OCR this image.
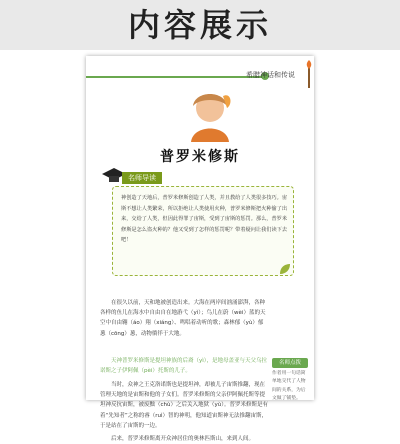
内容展示
希腊神话和传说
普罗米修斯
名师导读
神创造了天地后，普罗米修斯创造了人类，并且教给了人类很多技巧。宙斯不想让人类繁荣，所以拒绝让人类使用火种，普罗米修斯把火种偷了出来，交给了人类，但因此得罪了宙斯，受到了宙斯的惩罚。那么，普罗米修斯是怎么盗火种的？他又受到了怎样的惩罚呢？带着疑问让我们读下去吧！
在很久以前，天和地被创造出来。大海在两岸间汹涌澎湃，各种各样的鱼儿在海水中自由自在地游弋（yì）；鸟儿在蔚（wèi）蓝的天空中自由翱（áo）翔（xiáng）、鸣唱着动听的歌；森林郁（yù）郁葱（cōng）葱，动物徜徉于大地。
天神普罗米修斯是提坦神族的后裔（yì），是地母盖亚与天父乌拉诺斯之子伊阿佩（pèi）托斯的儿子。
当时，众神之王克洛诺斯也是提坦神，却被儿子宙斯推翻，现在管理天地的是宙斯和他的子女们。普罗米修斯的父亲伊阿佩托斯等提坦神反抗宙斯，被废黜（chù）之后关入地狱（yù）。普罗米修斯是有着“先知者”之称的睿（ruì）智的神明，他知道宙斯神无法推翻宙斯，于是站在了宙斯的一边。
后来，普罗米修斯离开众神居住的奥林匹斯山，来到人间。
名师点拨
作者用一句话简单地交代了人物间的关系，为后文做了铺垫。
